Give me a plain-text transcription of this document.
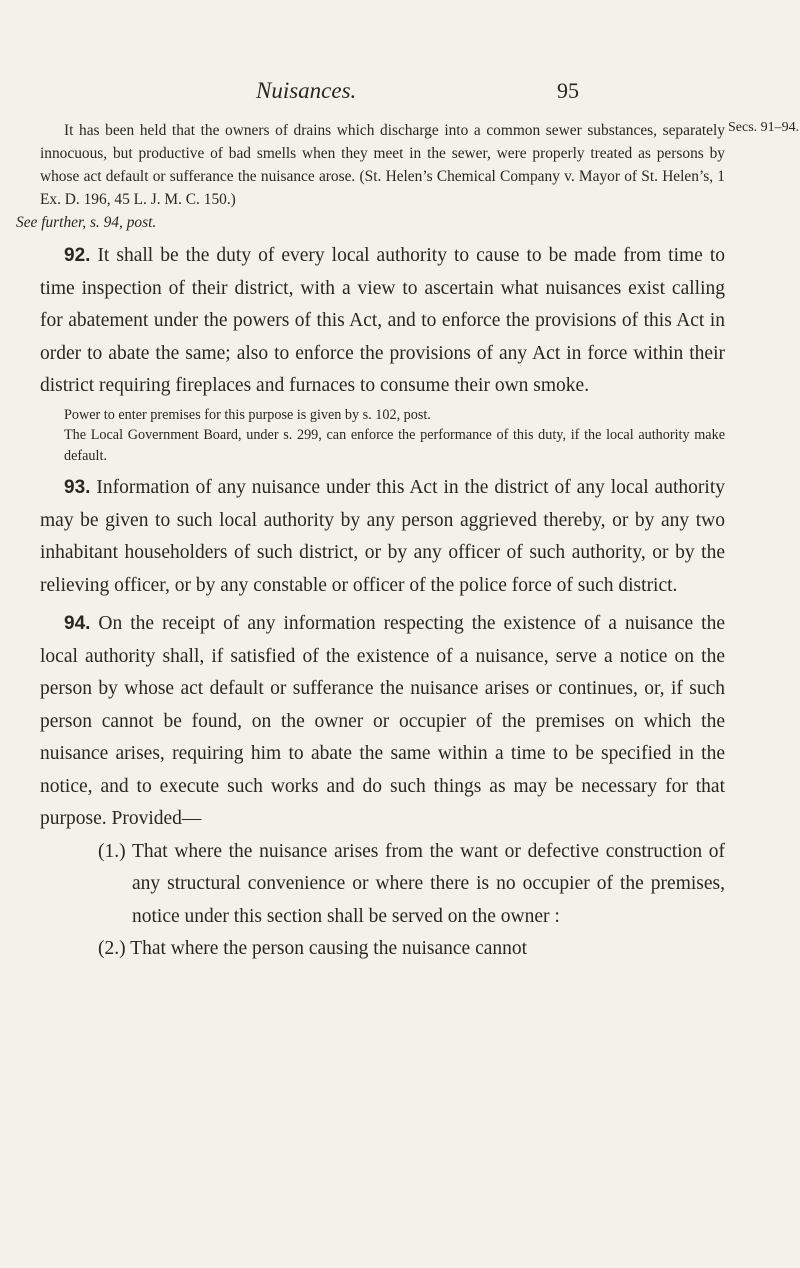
Nuisances.	95
Secs. 91–94.

It has been held that the owners of drains which discharge into a common sewer substances, separately innocuous, but productive of bad smells when they meet in the sewer, were properly treated as persons by whose act default or sufferance the nuisance arose. (St. Helen’s Chemical Company v. Mayor of St. Helen’s, 1 Ex. D. 196, 45 L. J. M. C. 150.)
See further, s. 94, post.

92. It shall be the duty of every local authority to cause to be made from time to time inspection of their district, with a view to ascertain what nuisances exist calling for abatement under the powers of this Act, and to enforce the provisions of this Act in order to abate the same; also to enforce the provisions of any Act in force within their district requiring fireplaces and furnaces to consume their own smoke.

Power to enter premises for this purpose is given by s. 102, post.

The Local Government Board, under s. 299, can enforce the performance of this duty, if the local authority make default.

93. Information of any nuisance under this Act in the district of any local authority may be given to such local authority by any person aggrieved thereby, or by any two inhabitant householders of such district, or by any officer of such authority, or by the relieving officer, or by any constable or officer of the police force of such district.

94. On the receipt of any information respecting the existence of a nuisance the local authority shall, if satisfied of the existence of a nuisance, serve a notice on the person by whose act default or sufferance the nuisance arises or continues, or, if such person cannot be found, on the owner or occupier of the premises on which the nuisance arises, requiring him to abate the same within a time to be specified in the notice, and to execute such works and do such things as may be necessary for that purpose. Provided—

(1.) That where the nuisance arises from the want or defective construction of any structural convenience or where there is no occupier of the premises, notice under this section shall be served on the owner :

(2.) That where the person causing the nuisance cannot
